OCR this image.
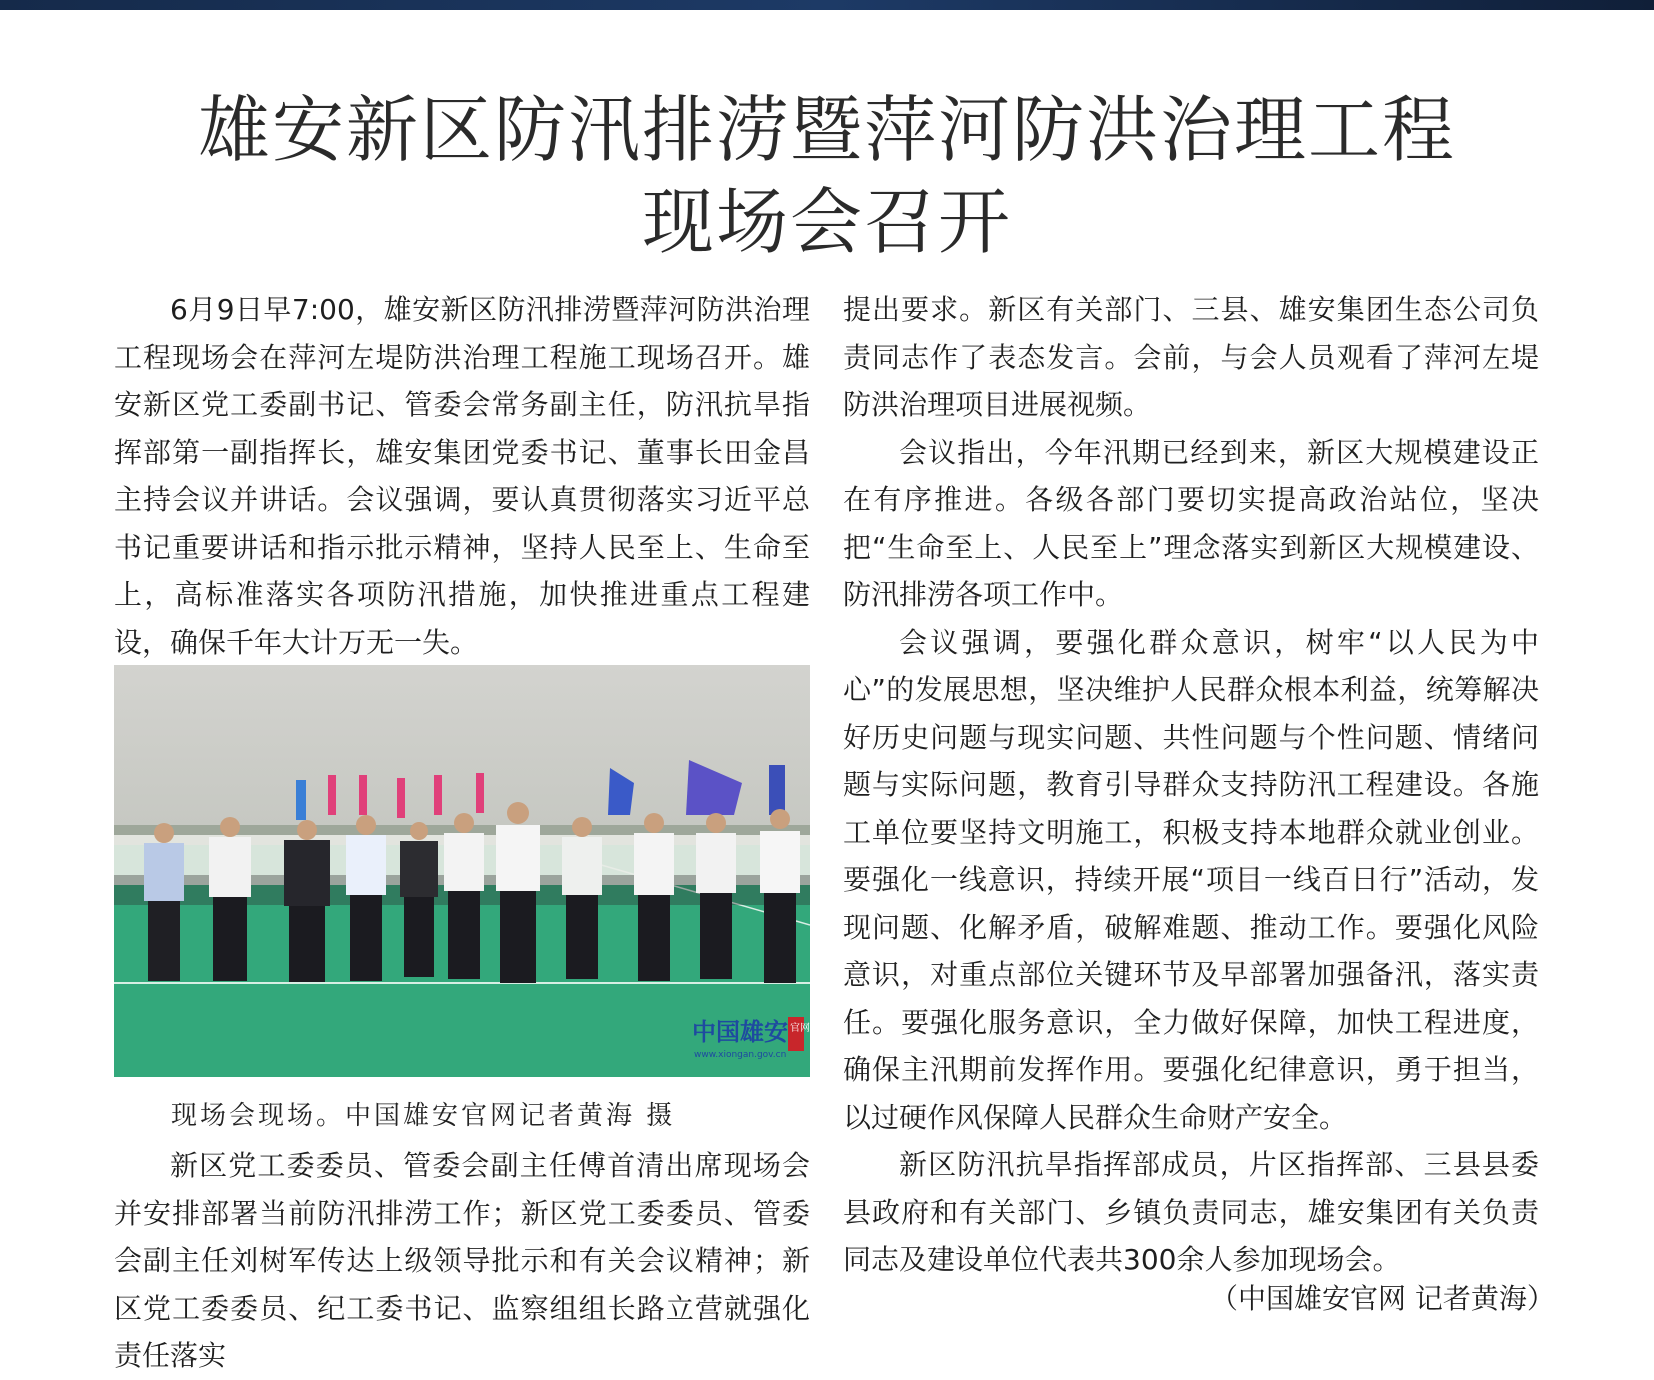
雄安新区防汛排涝暨萍河防洪治理工程
现场会召开

6月9日早7:00，雄安新区防汛排涝暨萍河防洪治理工程现场会在萍河左堤防洪治理工程施工现场召开。雄安新区党工委副书记、管委会常务副主任，防汛抗旱指挥部第一副指挥长，雄安集团党委书记、董事长田金昌主持会议并讲话。会议强调，要认真贯彻落实习近平总书记重要讲话和指示批示精神，坚持人民至上、生命至上，高标准落实各项防汛措施，加快推进重点工程建设，确保千年大计万无一失。

中国雄安 官网
www.xiongan.gov.cn
现场会现场。中国雄安官网记者黄海 摄

新区党工委委员、管委会副主任傅首清出席现场会并安排部署当前防汛排涝工作；新区党工委委员、管委会副主任刘树军传达上级领导批示和有关会议精神；新区党工委委员、纪工委书记、监察组组长路立营就强化责任落实

提出要求。新区有关部门、三县、雄安集团生态公司负责同志作了表态发言。会前，与会人员观看了萍河左堤防洪治理项目进展视频。

会议指出，今年汛期已经到来，新区大规模建设正在有序推进。各级各部门要切实提高政治站位，坚决把“生命至上、人民至上”理念落实到新区大规模建设、防汛排涝各项工作中。

会议强调，要强化群众意识，树牢“以人民为中心”的发展思想，坚决维护人民群众根本利益，统筹解决好历史问题与现实问题、共性问题与个性问题、情绪问题与实际问题，教育引导群众支持防汛工程建设。各施工单位要坚持文明施工，积极支持本地群众就业创业。要强化一线意识，持续开展“项目一线百日行”活动，发现问题、化解矛盾，破解难题、推动工作。要强化风险意识，对重点部位关键环节及早部署加强备汛，落实责任。要强化服务意识，全力做好保障，加快工程进度，确保主汛期前发挥作用。要强化纪律意识，勇于担当，以过硬作风保障人民群众生命财产安全。

新区防汛抗旱指挥部成员，片区指挥部、三县县委县政府和有关部门、乡镇负责同志，雄安集团有关负责同志及建设单位代表共300余人参加现场会。

（中国雄安官网 记者黄海）
